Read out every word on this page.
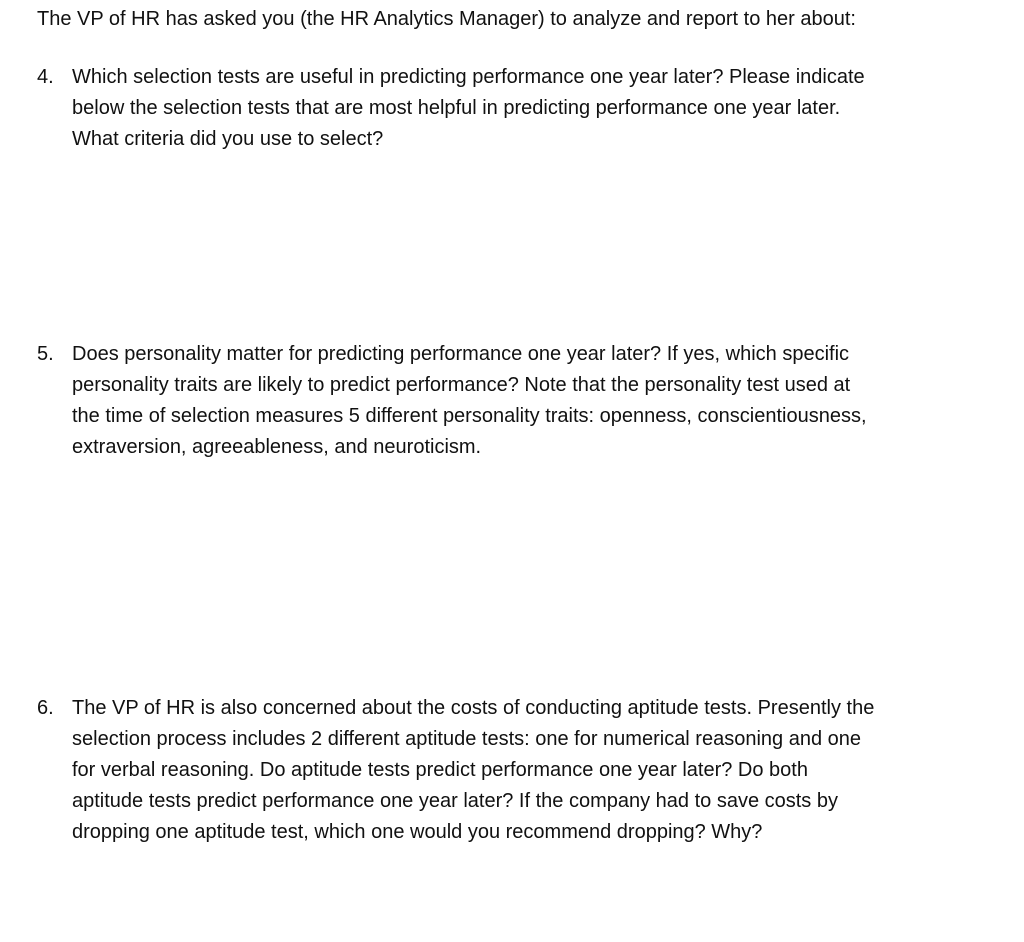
The VP of HR has asked you (the HR Analytics Manager) to analyze and report to her about:
4. Which selection tests are useful in predicting performance one year later? Please indicate
below the selection tests that are most helpful in predicting performance one year later.
What criteria did you use to select?
5. Does personality matter for predicting performance one year later? If yes, which specific
personality traits are likely to predict performance? Note that the personality test used at
the time of selection measures 5 different personality traits: openness, conscientiousness,
extraversion, agreeableness, and neuroticism.
6. The VP of HR is also concerned about the costs of conducting aptitude tests. Presently the
selection process includes 2 different aptitude tests: one for numerical reasoning and one
for verbal reasoning. Do aptitude tests predict performance one year later? Do both
aptitude tests predict performance one year later? If the company had to save costs by
dropping one aptitude test, which one would you recommend dropping? Why?
